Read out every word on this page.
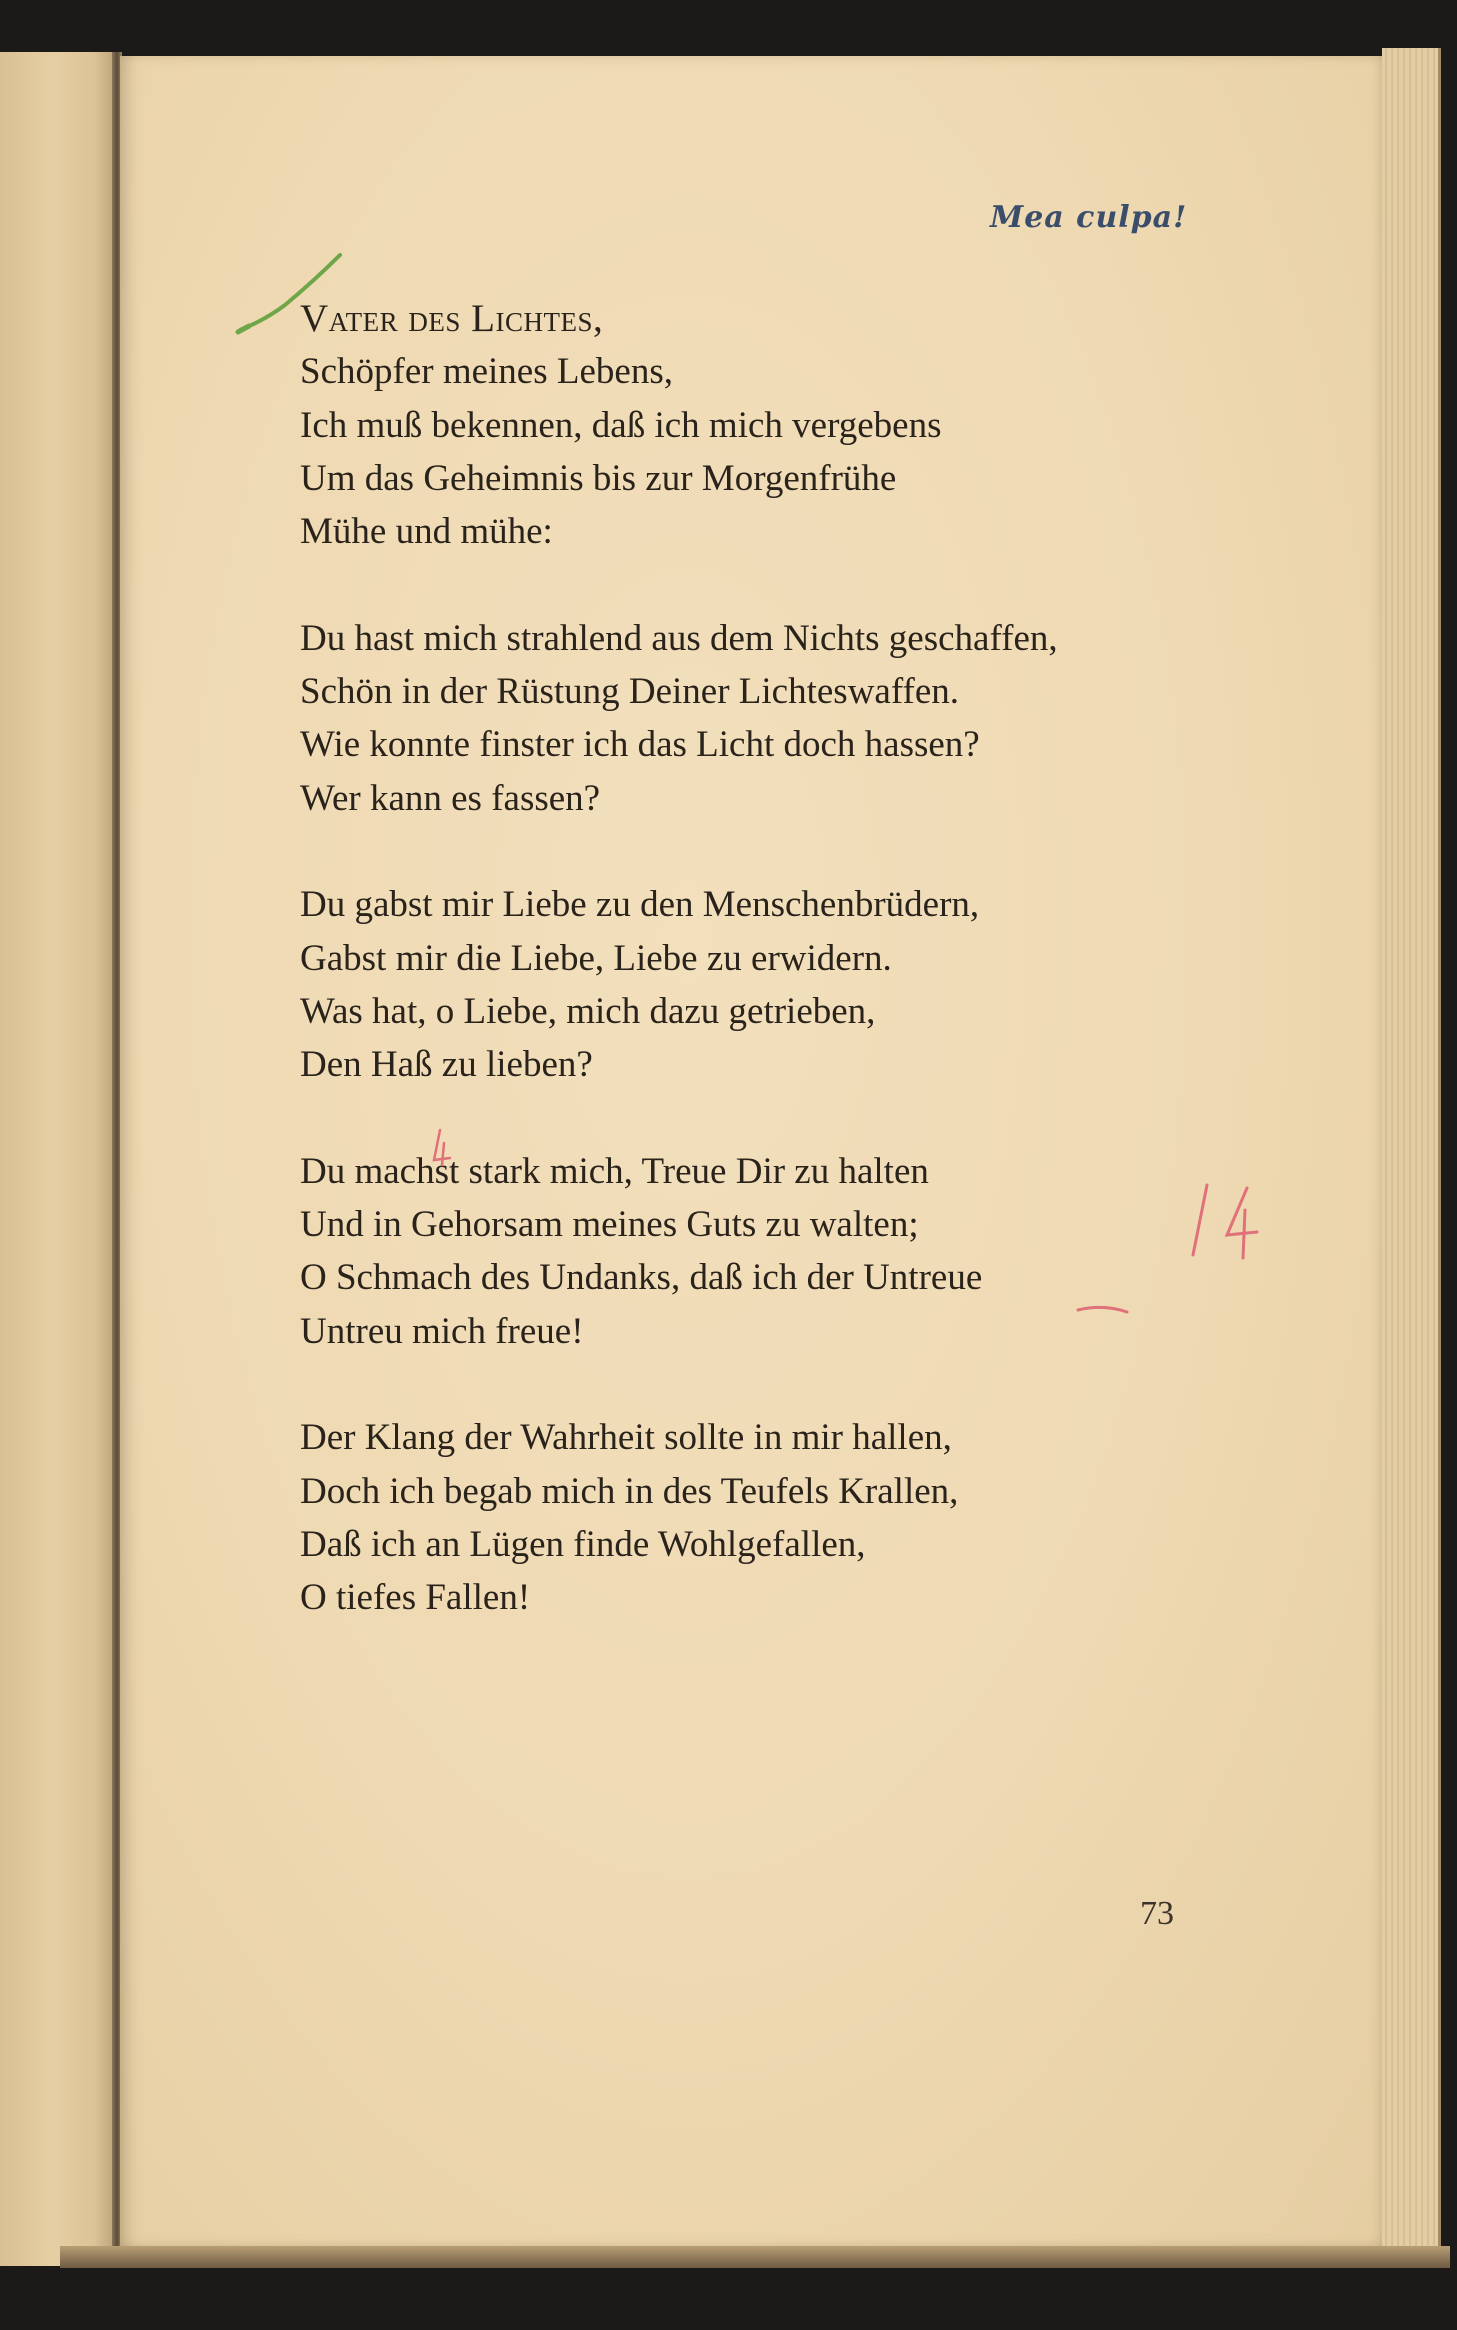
Mea culpa!

Vater des Lichtes,
Schöpfer meines Lebens,
Ich muß bekennen, daß ich mich vergebens
Um das Geheimnis bis zur Morgenfrühe
Mühe und mühe:
Du hast mich strahlend aus dem Nichts geschaffen,
Schön in der Rüstung Deiner Lichteswaffen.
Wie konnte finster ich das Licht doch hassen?
Wer kann es fassen?
Du gabst mir Liebe zu den Menschenbrüdern,
Gabst mir die Liebe, Liebe zu erwidern.
Was hat, o Liebe, mich dazu getrieben,
Den Haß zu lieben?
Du machst stark mich, Treue Dir zu halten
Und in Gehorsam meines Guts zu walten;
O Schmach des Undanks, daß ich der Untreue
Untreu mich freue!
Der Klang der Wahrheit sollte in mir hallen,
Doch ich begab mich in des Teufels Krallen,
Daß ich an Lügen finde Wohlgefallen,
O tiefes Fallen!

73
